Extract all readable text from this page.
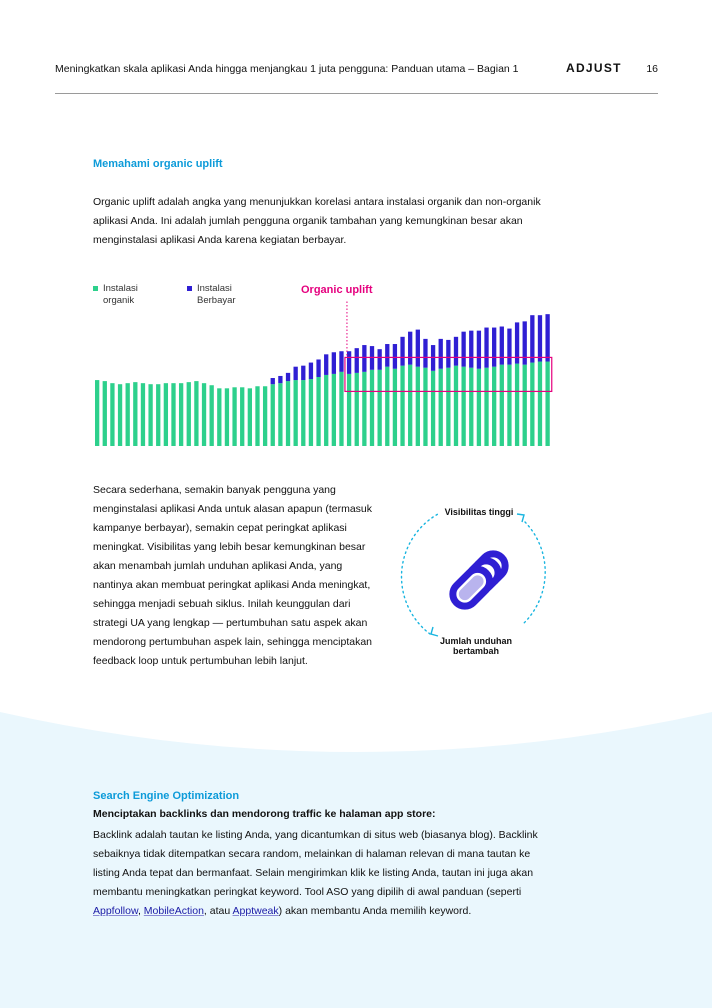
Meningkatkan skala aplikasi Anda hingga menjangkau 1 juta pengguna: Panduan utama – Bagian 1	ADJUST 16
Memahami organic uplift
Organic uplift adalah angka yang menunjukkan korelasi antara instalasi organik dan non-organik aplikasi Anda. Ini adalah jumlah pengguna organik tambahan yang kemungkinan besar akan menginstalasi aplikasi Anda karena kegiatan berbayar.
Instalasi organik
Instalasi Berbayar
Organic uplift
Secara sederhana, semakin banyak pengguna yang menginstalasi aplikasi Anda untuk alasan apapun (termasuk kampanye berbayar), semakin cepat peringkat aplikasi meningkat. Visibilitas yang lebih besar kemungkinan besar akan menambah jumlah unduhan aplikasi Anda, yang nantinya akan membuat peringkat aplikasi Anda meningkat, sehingga menjadi sebuah siklus. Inilah keunggulan dari strategi UA yang lengkap — pertumbuhan satu aspek akan mendorong pertumbuhan aspek lain, sehingga menciptakan feedback loop untuk pertumbuhan lebih lanjut.
Visibilitas tinggi
Jumlah unduhan bertambah
Search Engine Optimization
Menciptakan backlinks dan mendorong traffic ke halaman app store:
Backlink adalah tautan ke listing Anda, yang dicantumkan di situs web (biasanya blog). Backlink sebaiknya tidak ditempatkan secara random, melainkan di halaman relevan di mana tautan ke listing Anda tepat dan bermanfaat. Selain mengirimkan klik ke listing Anda, tautan ini juga akan membantu meningkatkan peringkat keyword. Tool ASO yang dipilih di awal panduan (seperti Appfollow, MobileAction, atau Apptweak) akan membantu Anda memilih keyword.
